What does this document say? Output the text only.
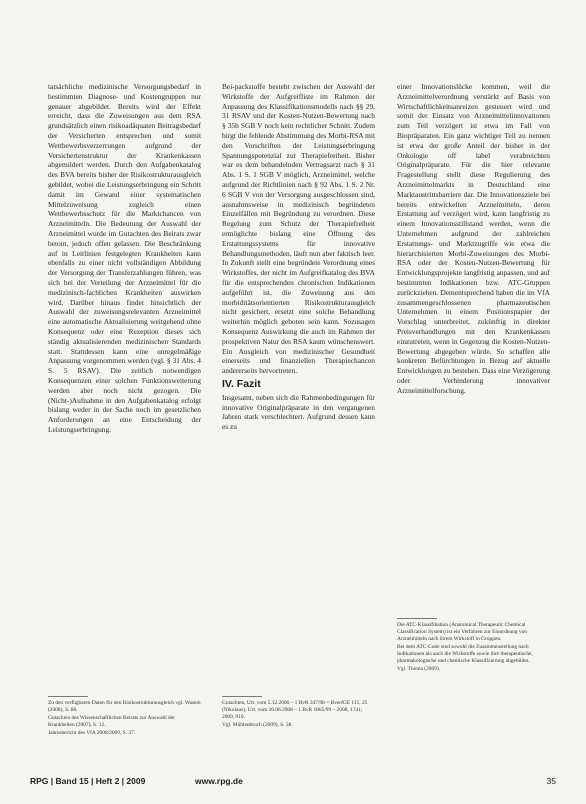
tatsächliche medizinische Versorgungsbedarf in bestimmten Diagnose- und Kostengruppen nur genauer abgebildet. Bereits wird der Effekt erreicht, dass die Zuweisungen aus dem RSA grundsätzlich einen risikoadäquaten Beitragsbedarf der Versicherten entsprechen und somit Wettbewerbsverzerrungen aufgrund der Versichertenstruktur der Krankenkassen abgemildert werden. Durch den Aufgabenkatalog des BVA bereits bisher der Risikostrukturausgleich gebildet, wobei die Leistungserbringung ein Schritt damit im Gewand einer systematischen Mittelzuweisung zugleich einen Wettbewerbsschutz für die Marktchancen von Arzneimitteln. Die Bedeutung der Auswahl der Arzneimittel wurde im Gutachten des Beirats zwar betont, jedoch offen gelassen. Die Beschränkung auf in Leitlinien festgelegten Krankheiten kann ebenfalls zu einer nicht vollständigen Abbildung der Versorgung der Transferzahlungen führen, was sich bei der Verteilung der Arzneimittel für die medizinisch-fachlichen Krankheiten auswirken wird. Darüber hinaus findet hinsichtlich der Auswahl der zuweisungsrelevanten Arzneimittel eine automatische Aktualisierung weitgehend ohne Konsequenz oder eine Rezeption dieses sich ständig aktualisierenden medizinischen Standards statt. Stattdessen kann eine unregelmäßige Anpassung vorgenommen werden (vgl. § 31 Abs. 4 S. 5 RSAV). Die zeitlich notwendigen Konsequenzen einer solchen Funktionsweiterung werden aber noch nicht gezogen. Die (Nicht-)Aufnahme in den Aufgabenkatalog erfolgt bislang weder in der Sache noch im gesetzlichen Anforderungen an eine Entscheidung der Leistungserbringung.

Bei-packstoffe besteht zwischen der Auswahl der Wirkstoffe der Aufgreifliste im Rahmen der Anpassung des Klassifikationsmodells nach §§ 29, 31 RSAV und der Kosten-Nutzen-Bewertung nach § 35b SGB V noch kein rechtlicher Schnitt. Zudem birgt die fehlende Abstimmung des Morbi-RSA mit den Vorschriften der Leistungserbringung Spannungspotenzial zur Therapiefreiheit. Bisher war es dem behandelnden Vertragsarzt nach § 31 Abs. 1 S. 1 SGB V möglich, Arzneimittel, welche aufgrund der Richtlinien nach § 92 Abs. 1 S. 2 Nr. 6 SGB V von der Versorgung ausgeschlossen sind, ausnahmsweise in medizinisch begründeten Einzelfällen mit Begründung zu verordnen. Diese Regelung zum Schutz der Therapiefreiheit ermöglichte bislang eine Öffnung des Erstattungssystems für innovative Behandlungsmethoden, läuft nun aber faktisch leer. In Zukunft stellt eine begründete Verordnung eines Wirkstoffes, der nicht im Aufgreifkatalog des BVA für die entsprechenden chronischen Indikationen aufgeführt ist, die Zuweisung aus den morbiditätsorientierten Risikostrukturausgleich nicht gesichert, ersetzt eine solche Behandlung weiterhin möglich geboten sein kann. Sozusagen Konsequenz Auswirkung die auch im Rahmen der prospektiven Natur des RSA kaum wünschenswert. Ein Ausgleich von medizinischer Gesundheit einerseits und finanziellen Therapiechancen andererseits hervortreten.

IV. Fazit

Insgesamt, neben sich die Rahmenbedingungen für innovative Originalpräparate in den vergangenen Jahren stark verschlechtert. Aufgrund dessen kann es zu

einer Innovationslücke kommen, weil die Arzneimittelverordnung verstärkt auf Basis von Wirtschaftlichkeitsanreizen gesteuert wird und somit der Einsatz von Arzneimittelinnovationen zum Teil verzögert ist etwa im Fall von Biopräparaten. Ein ganz wichtiger Teil zu nennen ist etwa der große Anteil der bisher in der Onkologie off label verabreichten Originalpräparate. Für die hier relevante Fragestellung stellt diese Regulierung des Arzneimittelmarkts in Deutschland eine Marktaustrittsbarriere dar. Die Innovationsziele bei bereits entwickelten Arzneimitteln, deren Erstattung auf verzögert wird, kann langfristig zu einem Innovationsstillstand werden, wenn die Unternehmen aufgrund der zahlreichen Erstattungs- und Marktzugriffe wie etwa die hierarchisierten Morbi-Zuweisungen des Morbi-RSA oder der Kosten-Nutzen-Bewertung für Entwicklungsprojekte langfristig anpassen, und auf bestimmten Indikationen bzw. ATC-Gruppen zurückziehen. Dementsprechend haben die im VfA zusammengeschlossenen pharmazeutischen Unternehmen in einem Positionspapier der Vorschlag unterbreitet, zukünftig in direkter Preisverhandlungen mit den Krankenkassen einzutreten, wenn in Gegenzug die Kosten-Nutzen-Bewertung abgegeben würde. So schaffen alle konkreten Befürchtungen in Bezug auf aktuelle Entwicklungen zu bestehen. Dass eine Verzögerung oder Verhinderung innovativer Arzneimittelforschung.

Zu den verfügbaren Daten für den Risikostrukturausgleich vgl. Wasem (2008), S. 88.

Gutachten des Wissenschaftlichen Beirats zur Auswahl der Krankheiten (2007), S. 12.

Jahresbericht des VfA 2008/2009, S. 37.

Gutachten, Urt. vom 5.12.2006 – 1 BvR 347/98 = BverfGE 115, 25 (Nikolaus), Urt. vom 26.06.2008 – 1 BvR 1865/99 – 2008, 1741; 2009, 910.

Vgl. Mühlenbruch (2009), S. 38.

Die ATC-Klassifikation (Anatomical Therapeutic Chemical Classification System) ist ein Verfahren zur Einordnung von Arzneimitteln nach ihrem Wirkstoff in Gruppen.

Bei dem ATC-Code sind sowohl die Zusammenstellung nach Indikationen als auch die Wirkstoffe sowie ihre therapeutische, pharmakologische und chemische Klassifizierung abgebildet.

Vgl. Thoma (2009).

RPG | Band 15 | Heft 2 | 2009	www.rpg.de	35
